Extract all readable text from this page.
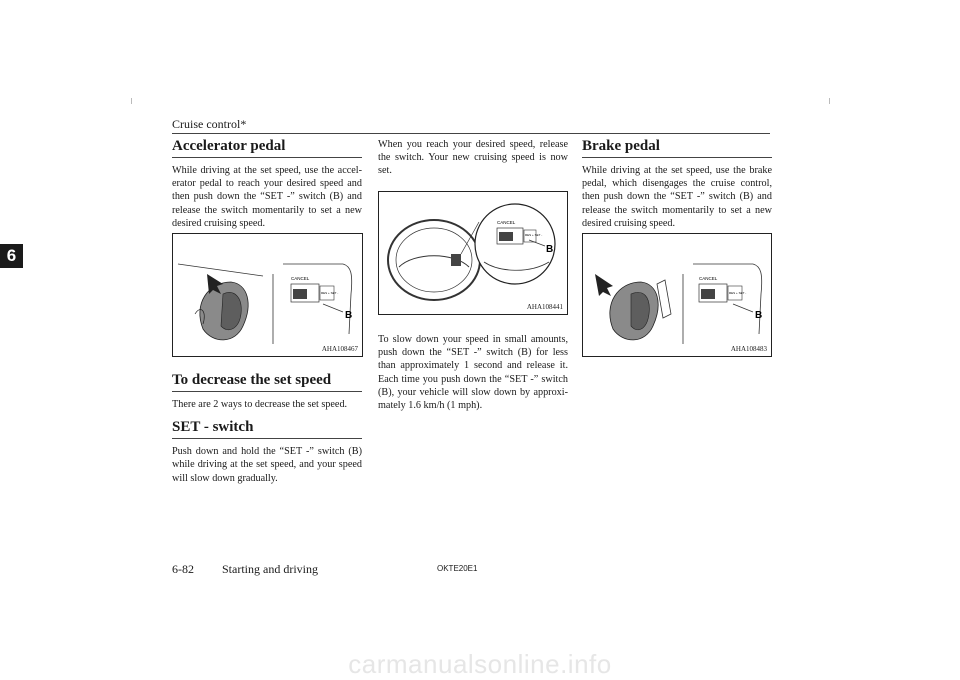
Cruise control*
6
Accelerator pedal

While driving at the set speed, use the accelerator pedal to reach your desired speed and then push down the “SET -” switch (B) and release the switch momentarily to set a new desired cruising speed.

CANCEL
RES + SET -
B
AHA108467
To decrease the set speed

There are 2 ways to decrease the set speed.

SET - switch

Push down and hold the “SET -” switch (B) while driving at the set speed, and your speed will slow down gradually.

When you reach your desired speed, release the switch. Your new cruising speed is now set.

CANCEL
RES + SET -
B
AHA108441

To slow down your speed in small amounts, push down the “SET -” switch (B) for less than approximately 1 second and release it. Each time you push down the “SET -” switch (B), your vehicle will slow down by approximately 1.6 km/h (1 mph).

Brake pedal

While driving at the set speed, use the brake pedal, which disengages the cruise control, then push down the “SET -” switch (B) and release the switch momentarily to set a new desired cruising speed.

CANCEL
RES + SET -
B
AHA108483
6-82 Starting and driving	OKTE20E1
carmanualsonline.info
